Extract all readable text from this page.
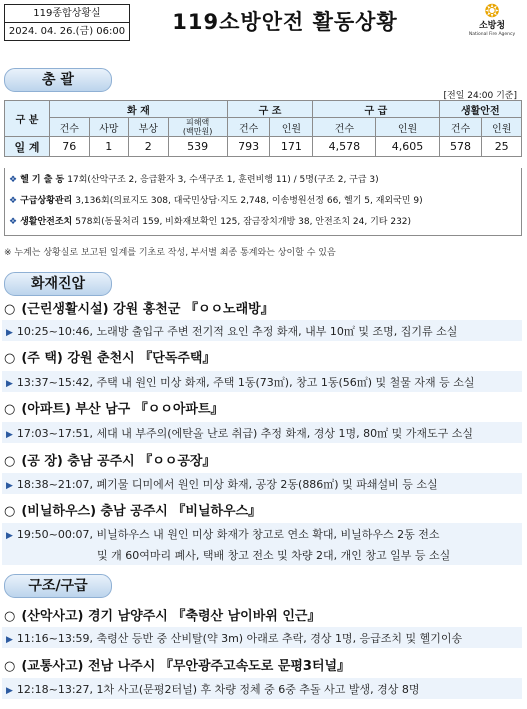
119종합상황실
2024. 04. 26.(금) 06:00	119소방안전 활동상황	❂
소방청
National Fire Agency
총 괄
[전일 24:00 기준]
구 분	화 재				구 조		구 급		생활안전	
	건수	사망	부상	피해액
(백만원)	건수	인원	건수	인원	건수	인원
일 계	76	1	2	539	793	171	4,578	4,605	578	25
❖ 헬 기 출 동 17회(산악구조 2, 응급환자 3, 수색구조 1, 훈련비행 11) / 5명(구조 2, 구급 3)
❖ 구급상황관리 3,136회(의료지도 308, 대국민상담·지도 2,748, 이송병원선정 66, 헬기 5, 재외국민 9)
❖ 생활안전조치 578회(동물처리 159, 비화재보확인 125, 잠금장치개방 38, 안전조치 24, 기타 232)
※ 누계는 상황실로 보고된 일계를 기초로 작성, 부서별 최종 통계와는 상이할 수 있음
화재진압
○ (근린생활시설) 강원 홍천군 『ㅇㅇ노래방』
▶ 10:25~10:46, 노래방 출입구 주변 전기적 요인 추정 화재, 내부 10㎡ 및 조명, 집기류 소실
○ (주 택) 강원 춘천시 『단독주택』
▶ 13:37~15:42, 주택 내 원인 미상 화재, 주택 1동(73㎡), 창고 1동(56㎡) 및 철물 자재 등 소실
○ (아파트) 부산 남구 『ㅇㅇ아파트』
▶ 17:03~17:51, 세대 내 부주의(에탄올 난로 취급) 추정 화재, 경상 1명, 80㎡ 및 가재도구 소실
○ (공 장) 충남 공주시 『ㅇㅇ공장』
▶ 18:38~21:07, 폐기물 디미에서 원인 미상 화재, 공장 2동(886㎡) 및 파쇄설비 등 소실
○ (비닐하우스) 충남 공주시 『비닐하우스』
▶ 19:50~00:07, 비닐하우스 내 원인 미상 화재가 창고로 연소 확대, 비닐하우스 2동 전소
및 개 60여마리 폐사, 택배 창고 전소 및 차량 2대, 개인 창고 일부 등 소실
구조/구급
○ (산악사고) 경기 남양주시 『축령산 남이바위 인근』
▶ 11:16~13:59, 축령산 등반 중 산비탈(약 3m) 아래로 추락, 경상 1명, 응급조치 및 헬기이송
○ (교통사고) 전남 나주시 『무안광주고속도로 문평3터널』
▶ 12:18~13:27, 1차 사고(문평2터널) 후 차량 정체 중 6중 추돌 사고 발생, 경상 8명
